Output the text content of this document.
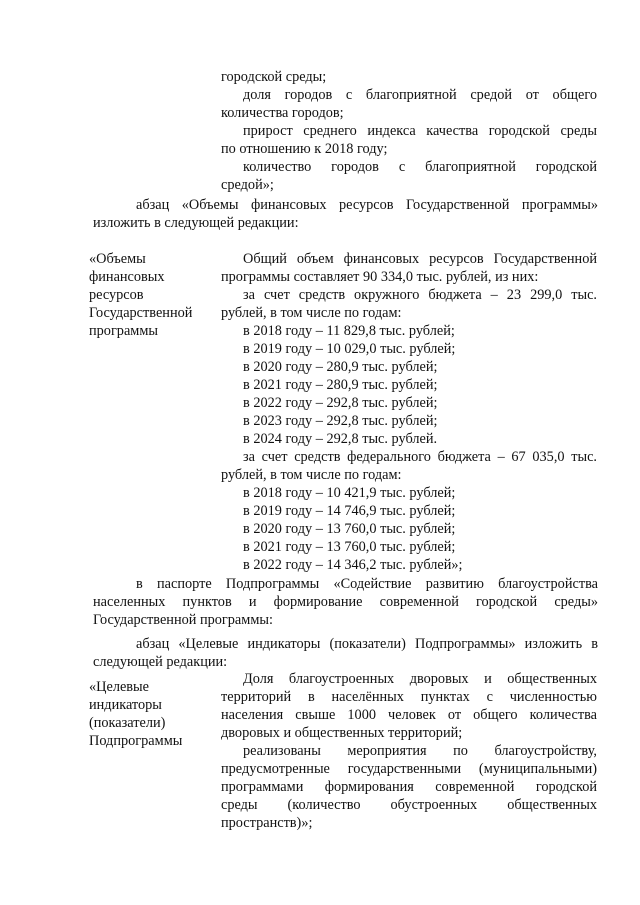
городской среды;
доля городов с благоприятной средой от общего
количества городов;
прирост среднего индекса качества городской среды
по отношению к 2018 году;
количество городов с благоприятной городской
средой»;
абзац «Объемы финансовых ресурсов Государственной программы»
изложить в следующей редакции:
«Объемы
финансовых
ресурсов
Государственной
программы
Общий объем финансовых ресурсов Государственной
программы составляет 90 334,0 тыс. рублей, из них:
за счет средств окружного бюджета – 23 299,0 тыс.
рублей, в том числе по годам:
в 2018 году – 11 829,8 тыс. рублей;
в 2019 году – 10 029,0 тыс. рублей;
в 2020 году – 280,9 тыс. рублей;
в 2021 году – 280,9 тыс. рублей;
в 2022 году – 292,8 тыс. рублей;
в 2023 году – 292,8 тыс. рублей;
в 2024 году – 292,8 тыс. рублей.
за счет средств федерального бюджета – 67 035,0 тыс.
рублей, в том числе по годам:
в 2018 году – 10 421,9 тыс. рублей;
в 2019 году – 14 746,9 тыс. рублей;
в 2020 году – 13 760,0 тыс. рублей;
в 2021 году – 13 760,0 тыс. рублей;
в 2022 году – 14 346,2 тыс. рублей»;
в паспорте Подпрограммы «Содействие развитию благоустройства
населенных пунктов и формирование современной городской среды»
Государственной программы:
абзац «Целевые индикаторы (показатели) Подпрограммы» изложить в
следующей редакции:
«Целевые
индикаторы
(показатели)
Подпрограммы
Доля благоустроенных дворовых и общественных
территорий в населённых пунктах с численностью
населения свыше 1000 человек от общего количества
дворовых и общественных территорий;
реализованы мероприятия по благоустройству,
предусмотренные государственными (муниципальными)
программами формирования современной городской
среды (количество обустроенных общественных
пространств)»;
